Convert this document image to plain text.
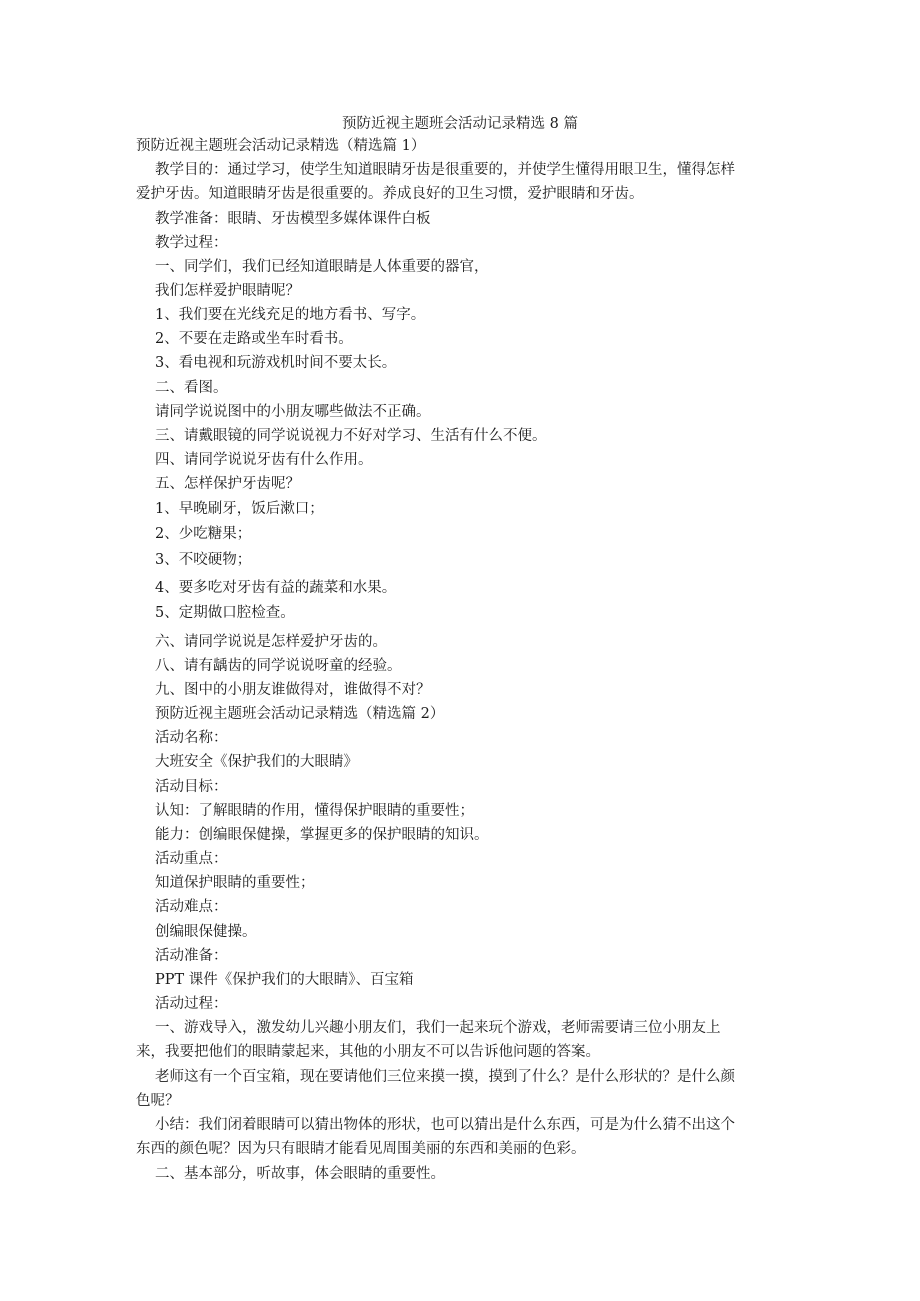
预防近视主题班会活动记录精选 8 篇
预防近视主题班会活动记录精选（精选篇 1）
教学目的：通过学习，使学生知道眼睛牙齿是很重要的，并使学生懂得用眼卫生，懂得怎样
爱护牙齿。知道眼睛牙齿是很重要的。养成良好的卫生习惯，爱护眼睛和牙齿。
教学准备：眼睛、牙齿模型多媒体课件白板
教学过程：
一、同学们，我们已经知道眼睛是人体重要的器官，
我们怎样爱护眼睛呢？
1、我们要在光线充足的地方看书、写字。
2、不要在走路或坐车时看书。
3、看电视和玩游戏机时间不要太长。
二、看图。
请同学说说图中的小朋友哪些做法不正确。
三、请戴眼镜的同学说说视力不好对学习、生活有什么不便。
四、请同学说说牙齿有什么作用。
五、怎样保护牙齿呢？
1、早晚刷牙，饭后漱口；
2、少吃糖果；
3、不咬硬物；
4、要多吃对牙齿有益的蔬菜和水果。
5、定期做口腔检查。
六、请同学说说是怎样爱护牙齿的。
八、请有龋齿的同学说说呀童的经验。
九、图中的小朋友谁做得对，谁做得不对？
预防近视主题班会活动记录精选（精选篇 2）
活动名称：
大班安全《保护我们的大眼睛》
活动目标：
认知：了解眼睛的作用，懂得保护眼睛的重要性；
能力：创编眼保健操，掌握更多的保护眼睛的知识。
活动重点：
知道保护眼睛的重要性；
活动难点：
创编眼保健操。
活动准备：
PPT 课件《保护我们的大眼睛》、百宝箱
活动过程：
一、游戏导入，激发幼儿兴趣小朋友们，我们一起来玩个游戏，老师需要请三位小朋友上
来，我要把他们的眼睛蒙起来，其他的小朋友不可以告诉他问题的答案。
老师这有一个百宝箱，现在要请他们三位来摸一摸，摸到了什么？是什么形状的？是什么颜
色呢？
小结：我们闭着眼睛可以猜出物体的形状，也可以猜出是什么东西，可是为什么猜不出这个
东西的颜色呢？因为只有眼睛才能看见周围美丽的东西和美丽的色彩。
二、基本部分，听故事，体会眼睛的重要性。
